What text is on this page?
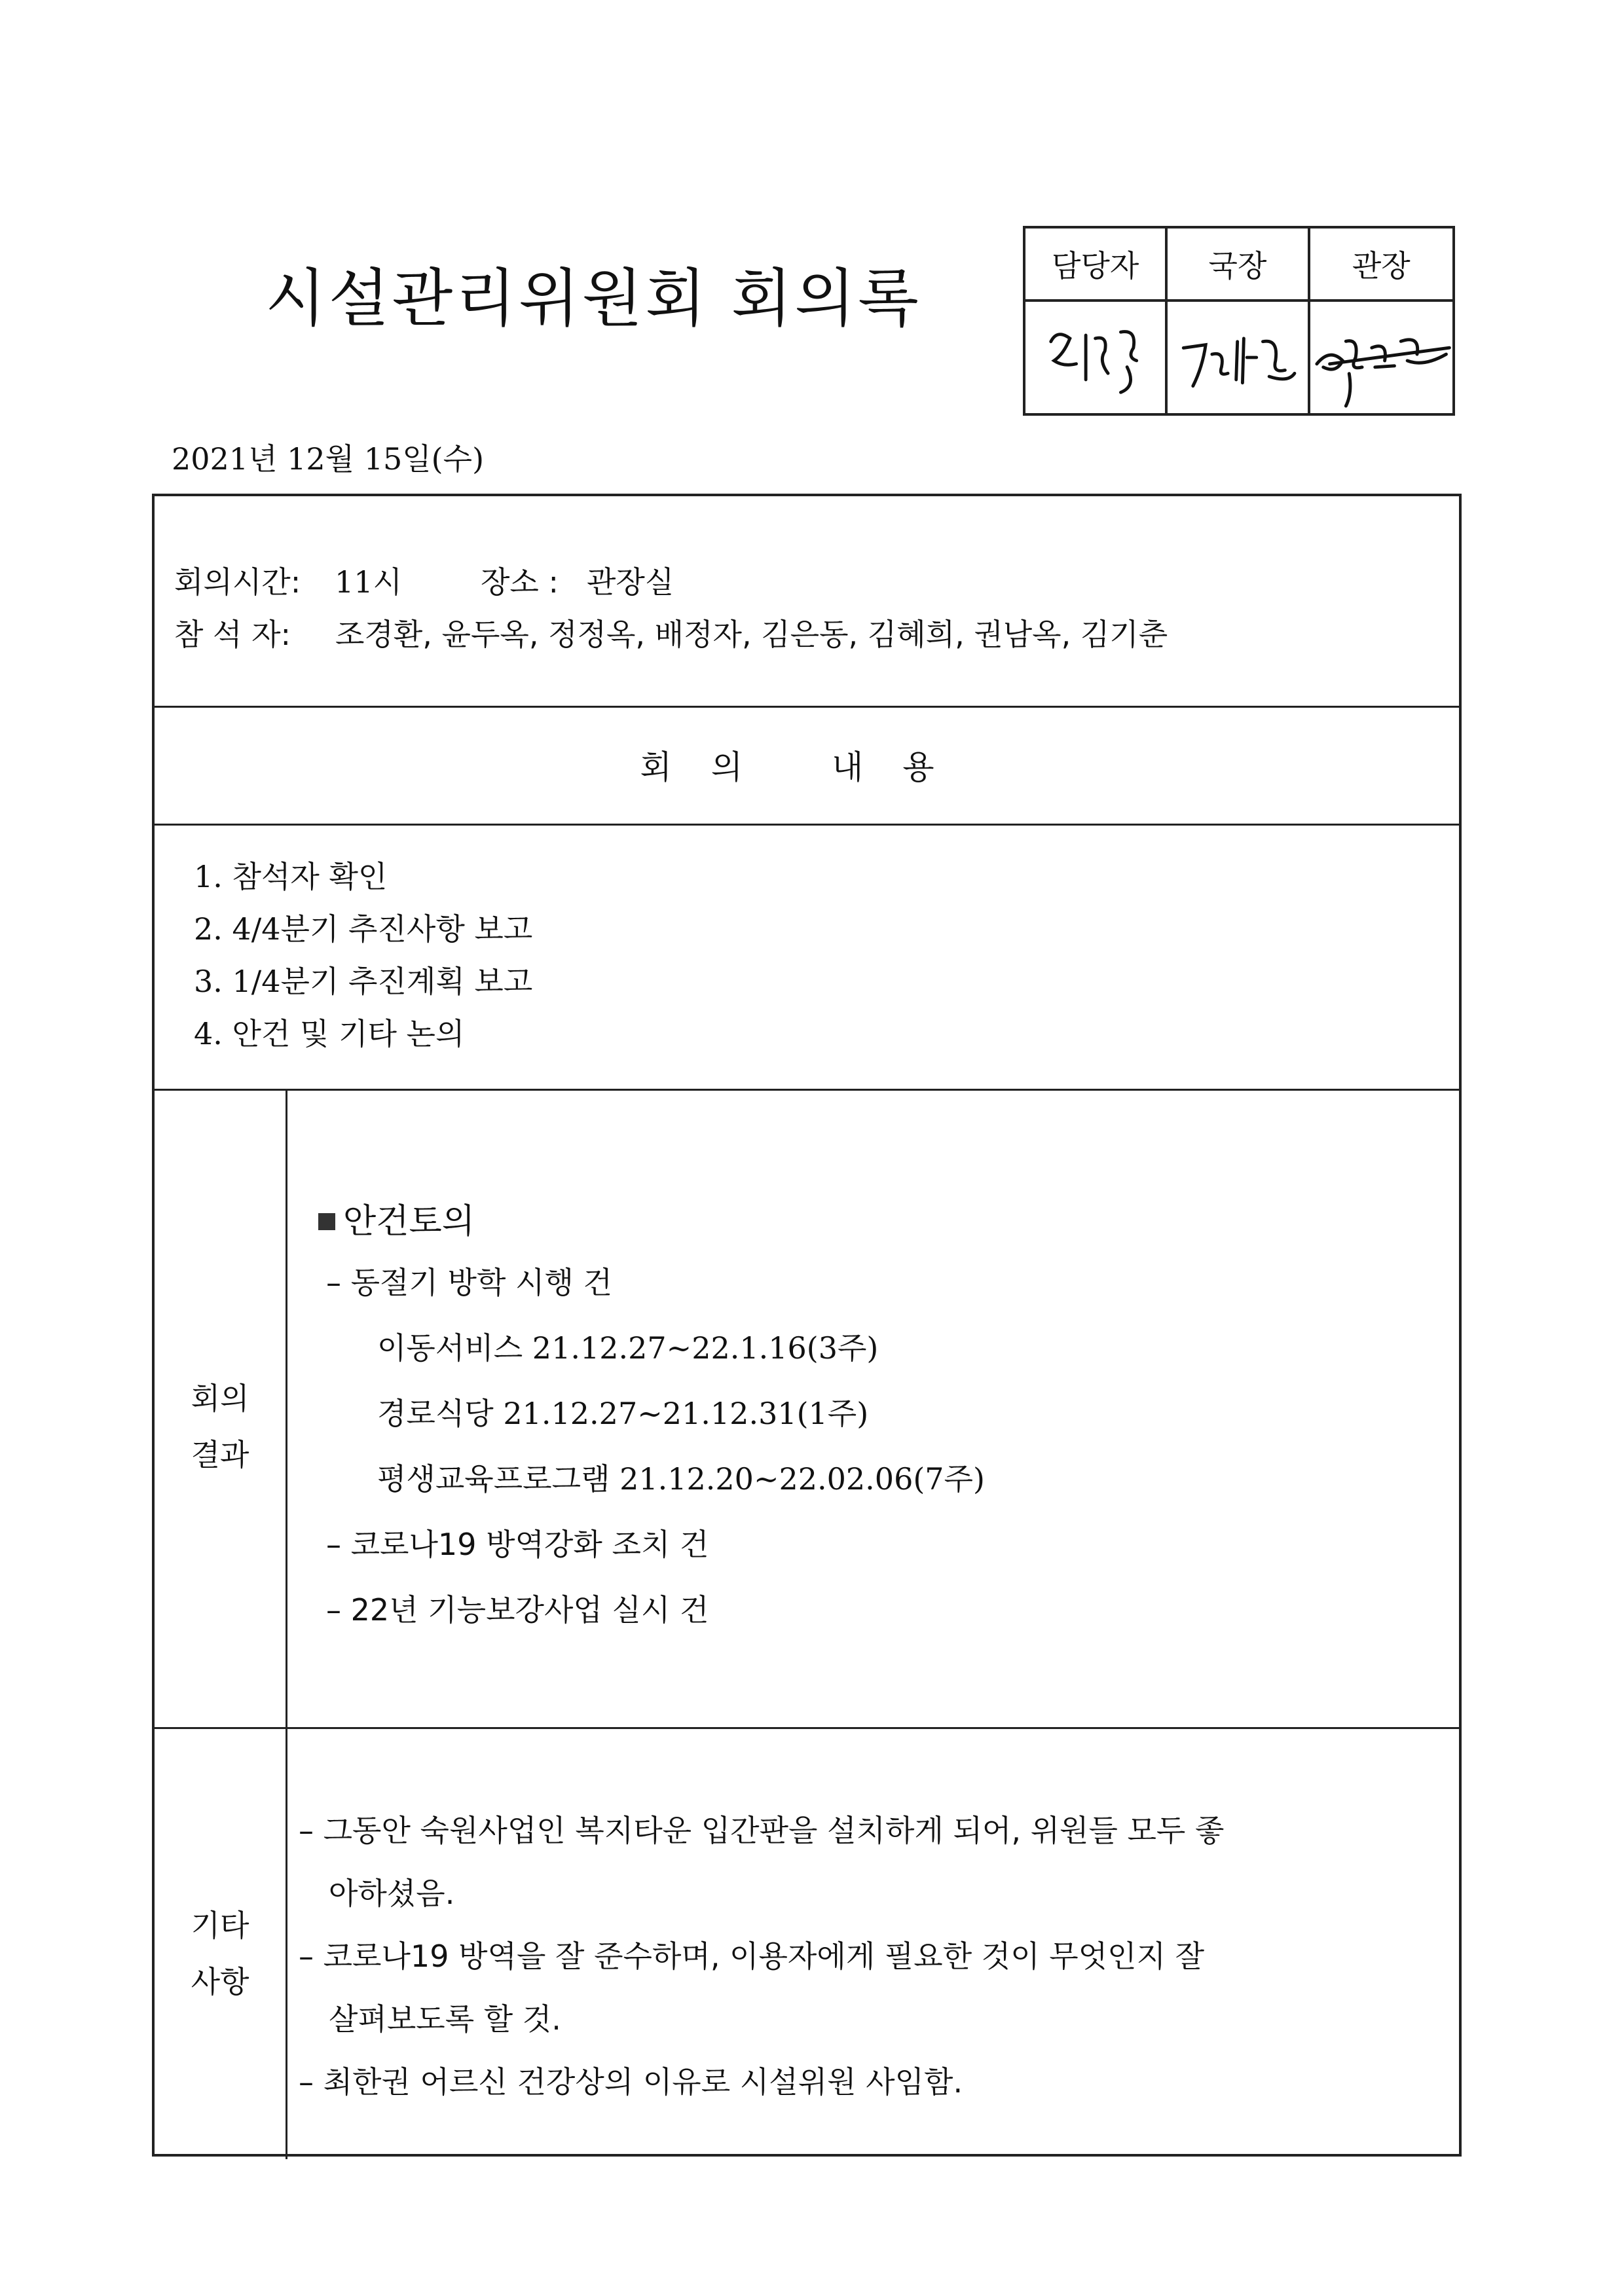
시설관리위원회 회의록	담당자	국장	관장
2021년 12월 15일(수)
회의시간: 11시	장소 : 관장실
참 석 자: 조경환, 윤두옥, 정정옥, 배정자, 김은동, 김혜희, 권남옥, 김기춘
회의 내용
1. 참석자 확인
2. 4/4분기 추진사항 보고
3. 1/4분기 추진계획 보고
4. 안건 및 기타 논의
회의
결과
안건토의
– 동절기 방학 시행 건
이동서비스 21.12.27~22.1.16(3주)
경로식당 21.12.27~21.12.31(1주)
평생교육프로그램 21.12.20~22.02.06(7주)
– 코로나19 방역강화 조치 건
– 22년 기능보강사업 실시 건
기타
사항
– 그동안 숙원사업인 복지타운 입간판을 설치하게 되어, 위원들 모두 좋
아하셨음.
– 코로나19 방역을 잘 준수하며, 이용자에게 필요한 것이 무엇인지 잘
살펴보도록 할 것.
– 최한권 어르신 건강상의 이유로 시설위원 사임함.
